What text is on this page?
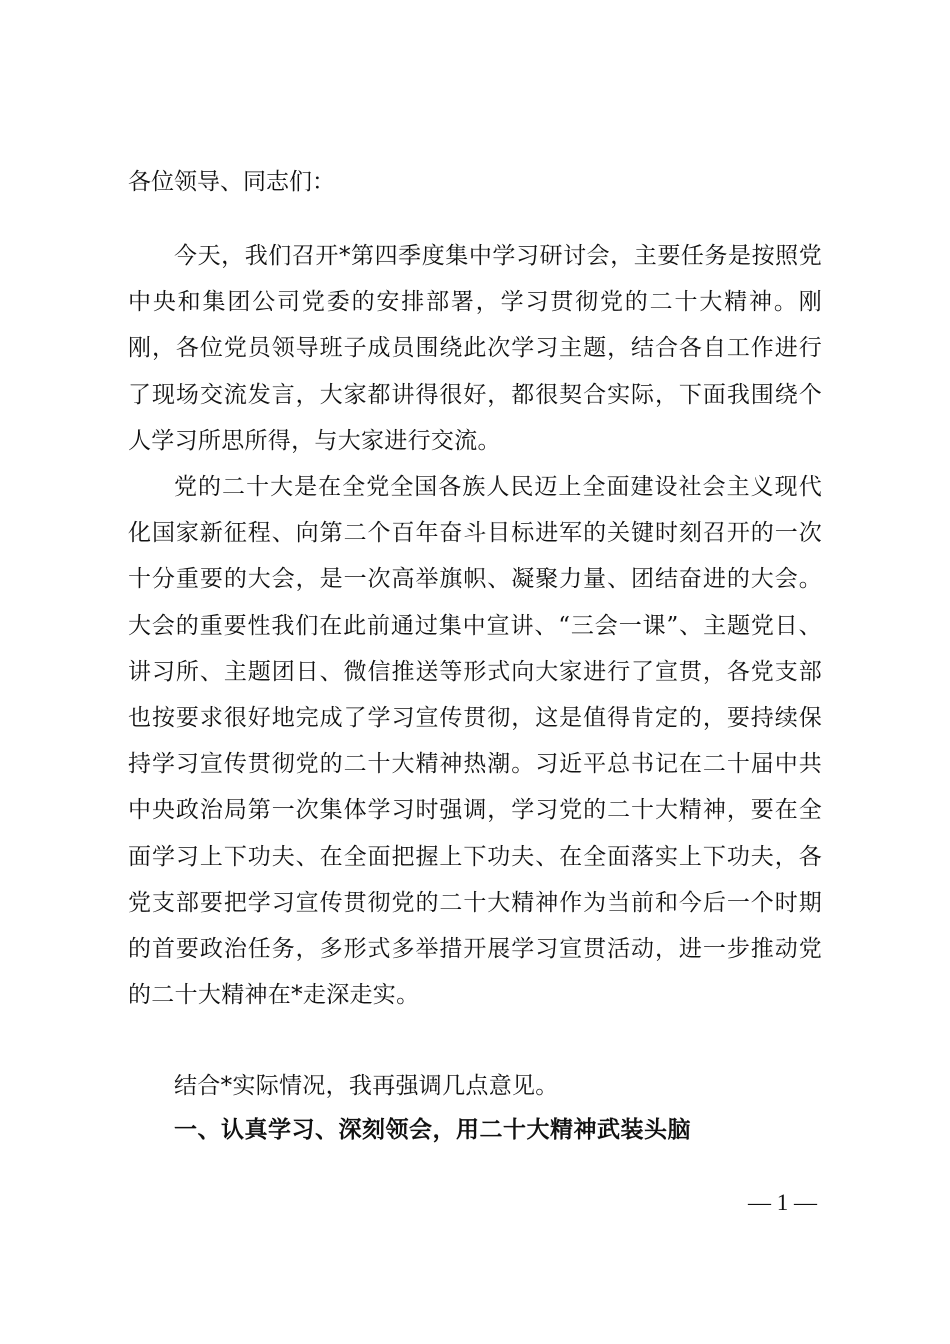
各位领导、同志们：

今天，我们召开*第四季度集中学习研讨会，主要任务是按照党中央和集团公司党委的安排部署，学习贯彻党的二十大精神。刚刚，各位党员领导班子成员围绕此次学习主题，结合各自工作进行了现场交流发言，大家都讲得很好，都很契合实际，下面我围绕个人学习所思所得，与大家进行交流。

党的二十大是在全党全国各族人民迈上全面建设社会主义现代化国家新征程、向第二个百年奋斗目标进军的关键时刻召开的一次十分重要的大会，是一次高举旗帜、凝聚力量、团结奋进的大会。大会的重要性我们在此前通过集中宣讲、“三会一课”、主题党日、讲习所、主题团日、微信推送等形式向大家进行了宣贯，各党支部也按要求很好地完成了学习宣传贯彻，这是值得肯定的，要持续保持学习宣传贯彻党的二十大精神热潮。习近平总书记在二十届中共中央政治局第一次集体学习时强调，学习党的二十大精神，要在全面学习上下功夫、在全面把握上下功夫、在全面落实上下功夫，各党支部要把学习宣传贯彻党的二十大精神作为当前和今后一个时期的首要政治任务，多形式多举措开展学习宣贯活动，进一步推动党的二十大精神在*走深走实。

结合*实际情况，我再强调几点意见。

一、认真学习、深刻领会，用二十大精神武装头脑
— 1 —
